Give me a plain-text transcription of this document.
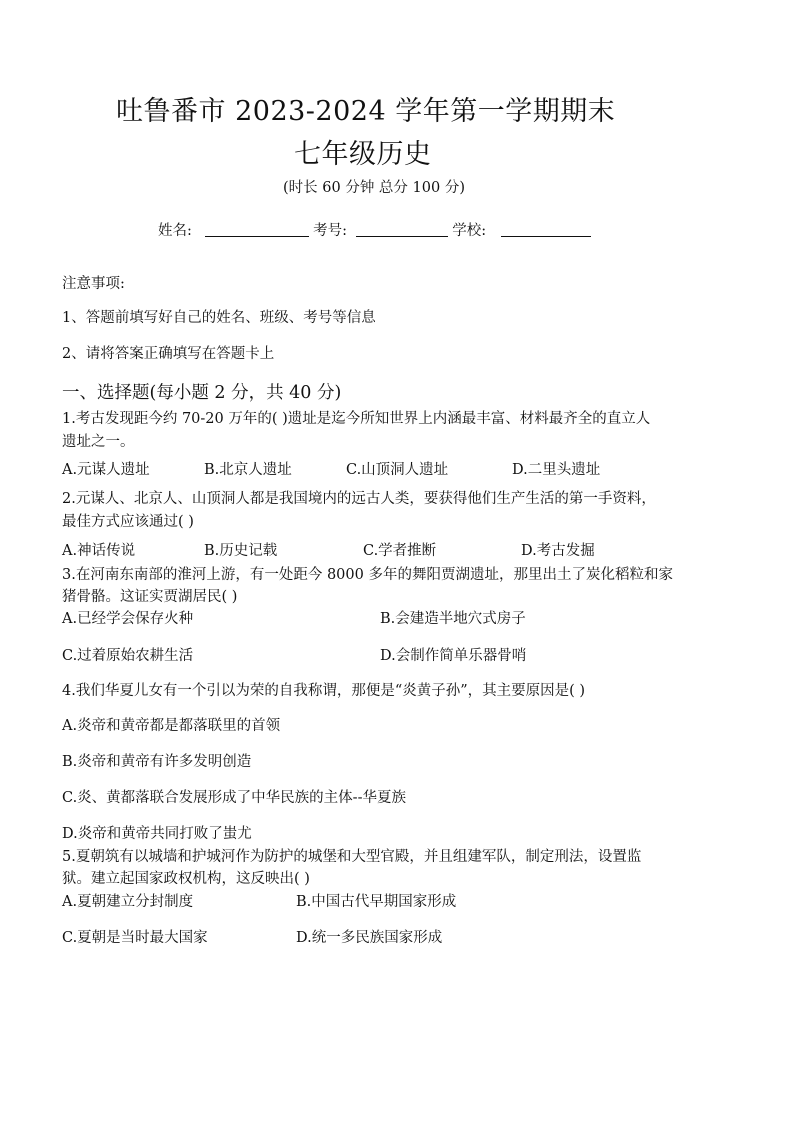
吐鲁番市 2023-2024 学年第一学期期末
七年级历史
(时长 60 分钟 总分 100 分)
姓名:	考号:	学校:
注意事项:
1、答题前填写好自己的姓名、班级、考号等信息
2、请将答案正确填写在答题卡上
一、选择题(每小题 2 分，共 40 分)
1.考古发现距今约 70-20 万年的( )遗址是迄今所知世界上内涵最丰富、材料最齐全的直立人
遗址之一。
A.元谋人遗址	B.北京人遗址	C.山顶洞人遗址	D.二里头遗址
2.元谋人、北京人、山顶洞人都是我国境内的远古人类，要获得他们生产生活的第一手资料，
最佳方式应该通过( )
A.神话传说	B.历史记载	C.学者推断	D.考古发掘
3.在河南东南部的淮河上游，有一处距今 8000 多年的舞阳贾湖遗址，那里出土了炭化稻粒和家
猪骨骼。这证实贾湖居民( )
A.已经学会保存火种	B.会建造半地穴式房子
C.过着原始农耕生活	D.会制作简单乐器骨哨
4.我们华夏儿女有一个引以为荣的自我称谓，那便是“炎黄子孙”，其主要原因是( )
A.炎帝和黄帝都是都落联里的首领
B.炎帝和黄帝有许多发明创造
C.炎、黄都落联合发展形成了中华民族的主体--华夏族
D.炎帝和黄帝共同打败了蚩尤
5.夏朝筑有以城墙和护城河作为防护的城堡和大型官殿，并且组建军队，制定刑法，设置监
狱。建立起国家政权机构，这反映出( )
A.夏朝建立分封制度	B.中国古代早期国家形成
C.夏朝是当时最大国家	D.统一多民族国家形成
